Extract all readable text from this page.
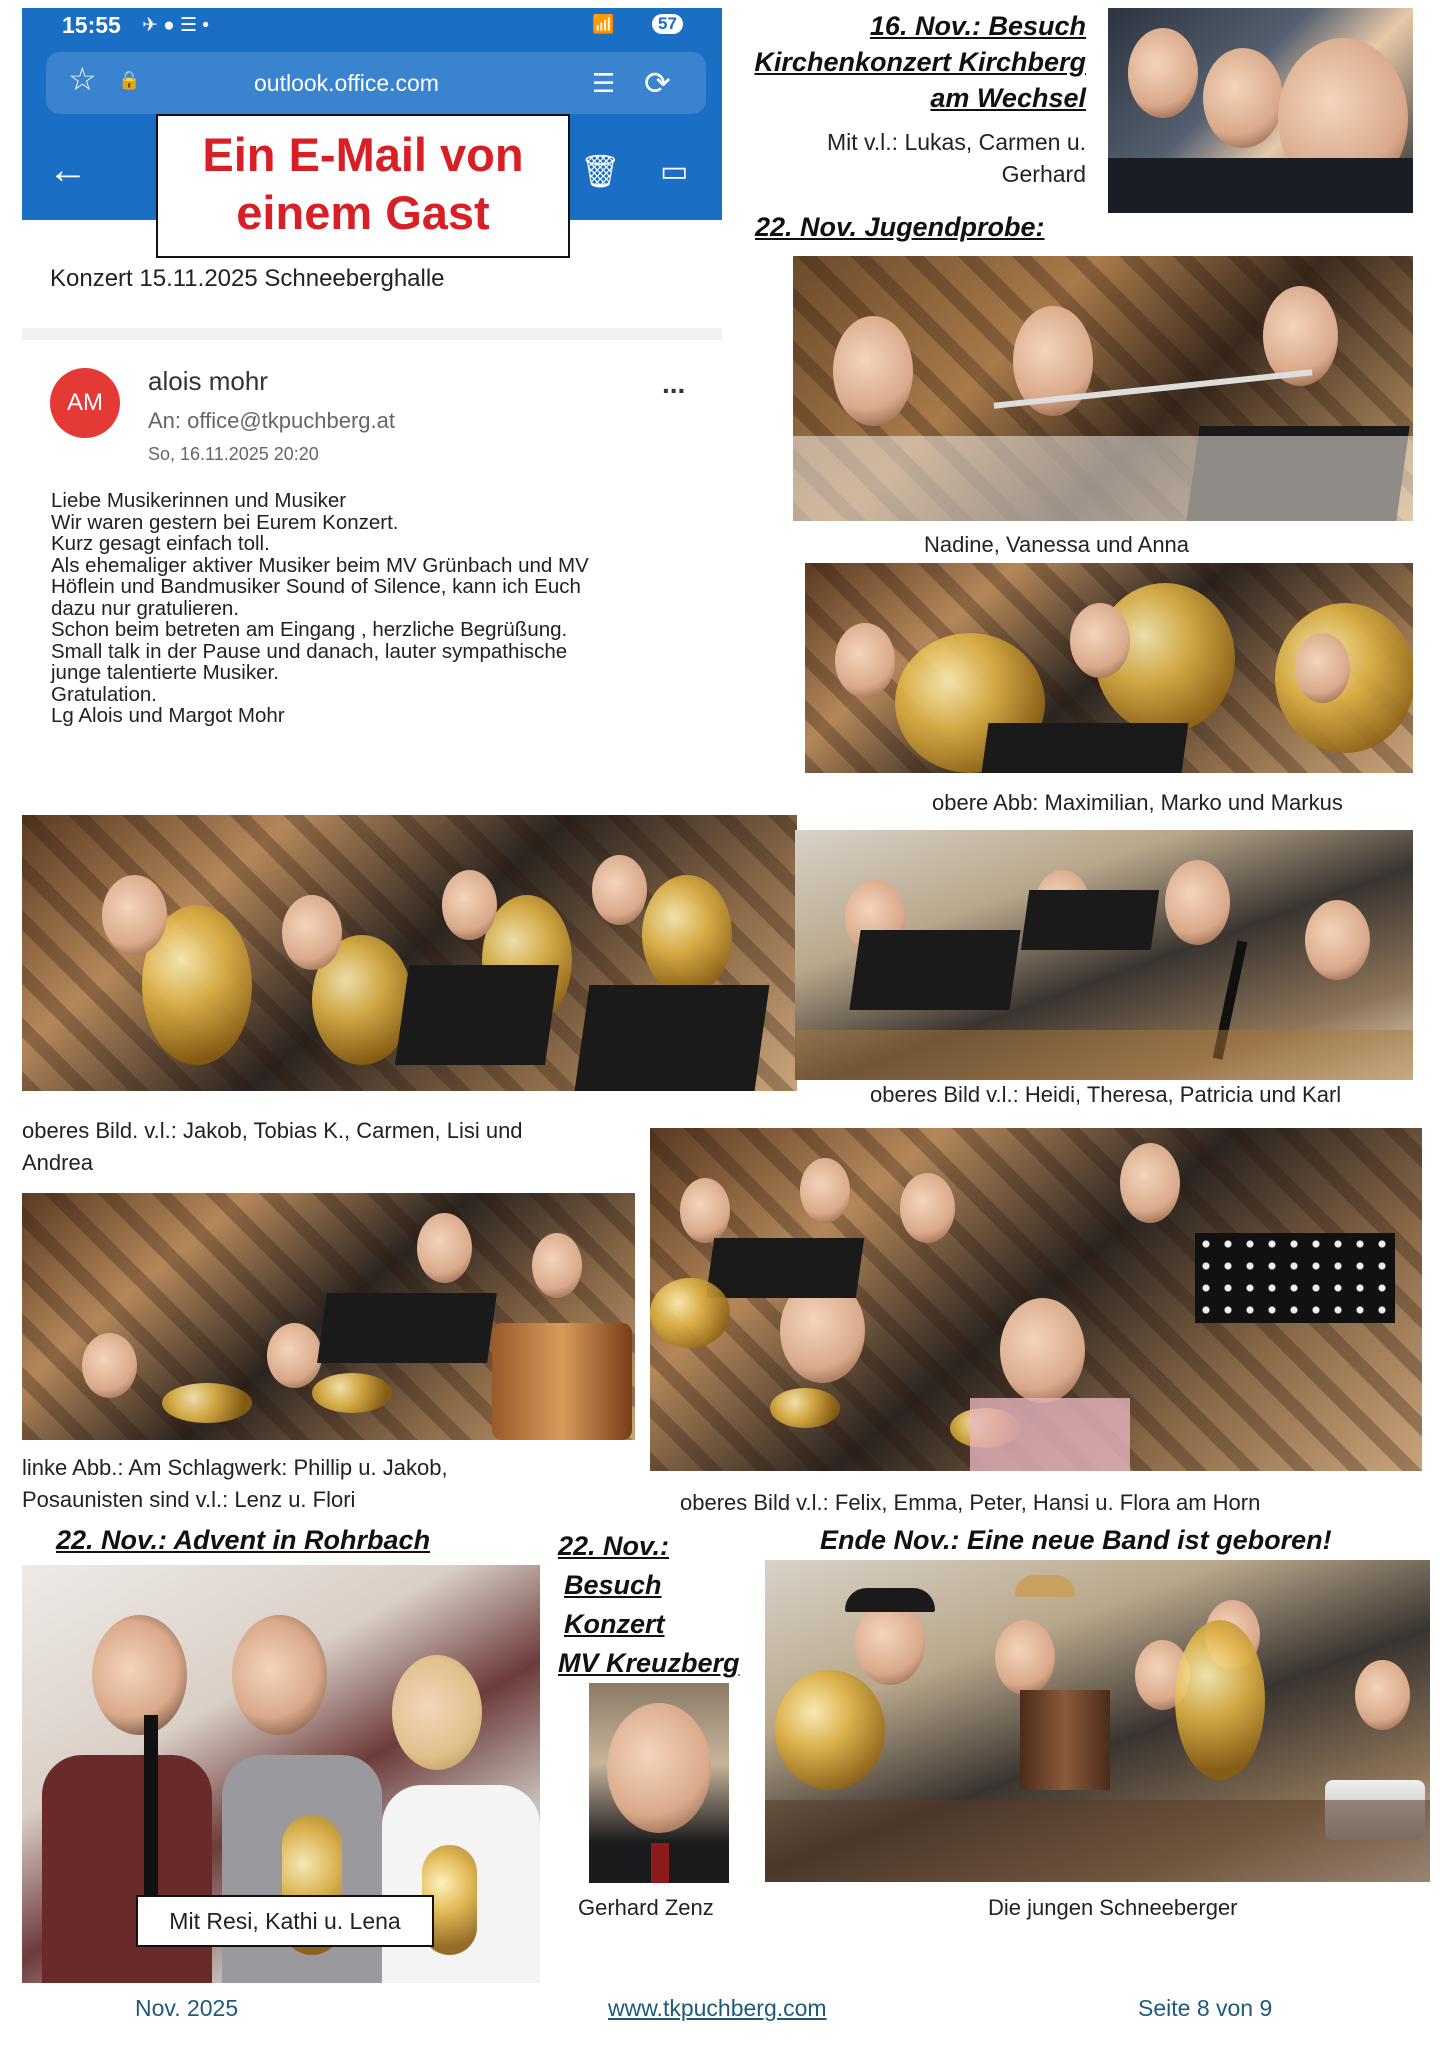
15:55 ✈ ● ☰ •	📶	57
☆ 🔒	outlook.office.com	☰ ⟳
←	🗑 ▭
Ein E-Mail von
einem Gast
Konzert 15.11.2025 Schneeberghalle
AM
alois mohr
An: office@tkpuchberg.at
So, 16.11.2025 20:20
...
Liebe Musikerinnen und Musiker
Wir waren gestern bei Eurem Konzert.
Kurz gesagt einfach toll.
Als ehemaliger aktiver Musiker beim MV Grünbach und MV
Höflein und Bandmusiker Sound of Silence, kann ich Euch
dazu nur gratulieren.
Schon beim betreten am Eingang , herzliche Begrüßung.
Small talk in der Pause und danach, lauter sympathische
junge talentierte Musiker.
Gratulation.
Lg Alois und Margot Mohr
16. Nov.: Besuch
Kirchenkonzert Kirchberg
am Wechsel
Mit v.l.: Lukas, Carmen u.
Gerhard
22. Nov. Jugendprobe:
Nadine, Vanessa und Anna
obere Abb: Maximilian, Marko und Markus
oberes Bild v.l.: Heidi, Theresa, Patricia und Karl
oberes Bild. v.l.: Jakob, Tobias K., Carmen, Lisi und
Andrea
linke Abb.: Am Schlagwerk: Phillip u. Jakob,
Posaunisten sind v.l.: Lenz u. Flori	oberes Bild v.l.: Felix, Emma, Peter, Hansi u. Flora am Horn
22. Nov.: Advent in Rohrbach
Mit Resi, Kathi u. Lena
22. Nov.:
Besuch
Konzert
MV Kreuzberg
Gerhard Zenz
Ende Nov.: Eine neue Band ist geboren!
Die jungen Schneeberger
Nov. 2025	www.tkpuchberg.com	Seite 8 von 9
